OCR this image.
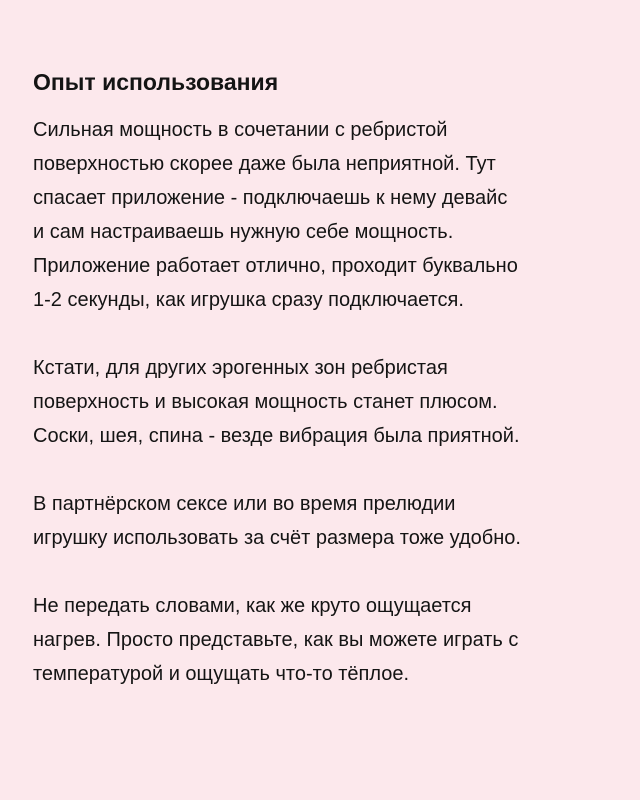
Опыт использования

Сильная мощность в сочетании с ребристой
поверхностью скорее даже была неприятной. Тут
спасает приложение - подключаешь к нему девайс
и сам настраиваешь нужную себе мощность.
Приложение работает отлично, проходит буквально
1-2 секунды, как игрушка сразу подключается.

Кстати, для других эрогенных зон ребристая
поверхность и высокая мощность станет плюсом.
Соски, шея, спина - везде вибрация была приятной.

В партнёрском сексе или во время прелюдии
игрушку использовать за счёт размера тоже удобно.

Не передать словами, как же круто ощущается
нагрев. Просто представьте, как вы можете играть с
температурой и ощущать что-то тёплое.
